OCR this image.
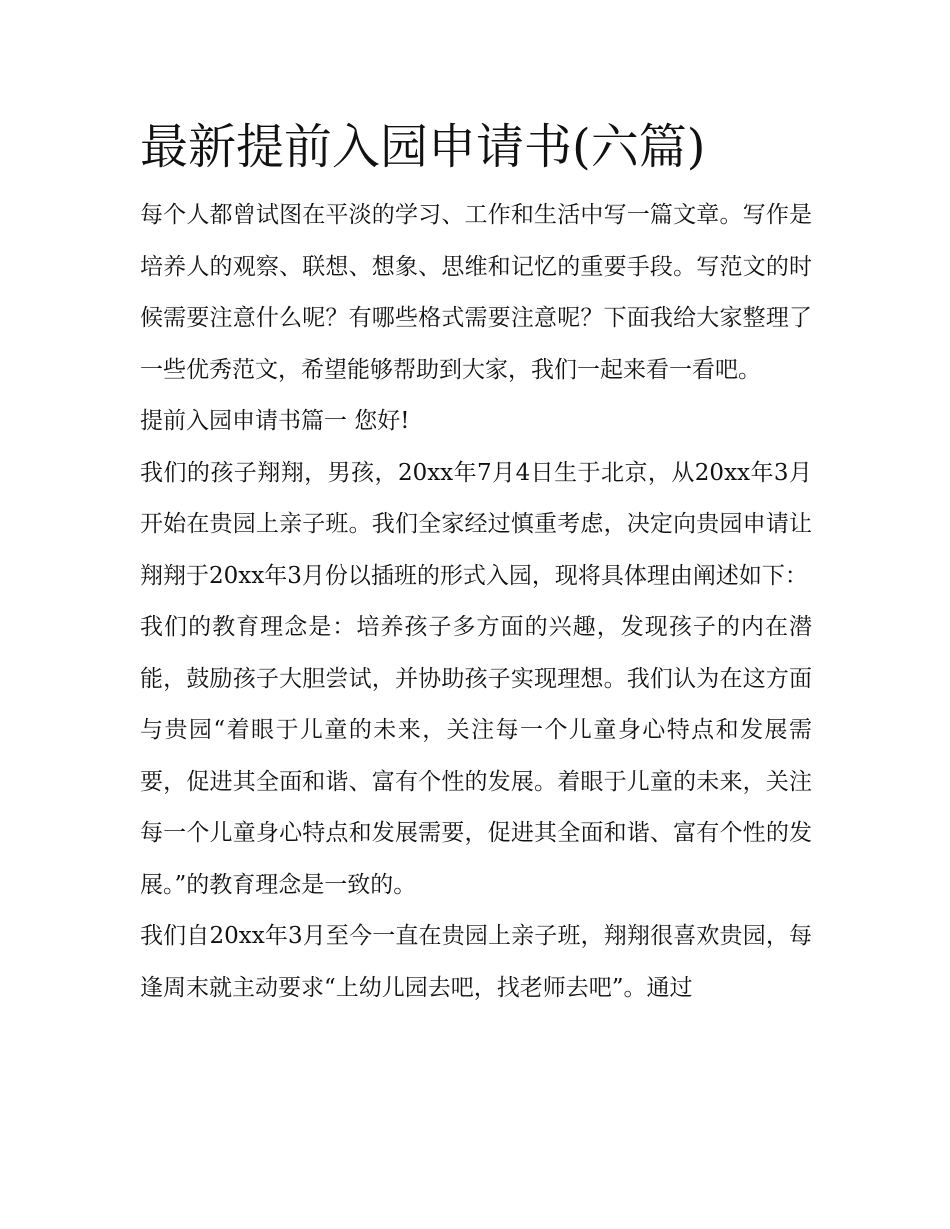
最新提前入园申请书(六篇)

每个人都曾试图在平淡的学习、工作和生活中写一篇文章。写作是培养人的观察、联想、想象、思维和记忆的重要手段。写范文的时候需要注意什么呢？有哪些格式需要注意呢？下面我给大家整理了一些优秀范文，希望能够帮助到大家，我们一起来看一看吧。

提前入园申请书篇一 您好!

我们的孩子翔翔，男孩，20xx年7月4日生于北京，从20xx年3月开始在贵园上亲子班。我们全家经过慎重考虑，决定向贵园申请让翔翔于20xx年3月份以插班的形式入园，现将具体理由阐述如下：

我们的教育理念是：培养孩子多方面的兴趣，发现孩子的内在潜能，鼓励孩子大胆尝试，并协助孩子实现理想。我们认为在这方面与贵园“着眼于儿童的未来，关注每一个儿童身心特点和发展需要，促进其全面和谐、富有个性的发展。着眼于儿童的未来，关注每一个儿童身心特点和发展需要，促进其全面和谐、富有个性的发展。”的教育理念是一致的。

我们自20xx年3月至今一直在贵园上亲子班，翔翔很喜欢贵园，每逢周末就主动要求“上幼儿园去吧，找老师去吧”。通过
